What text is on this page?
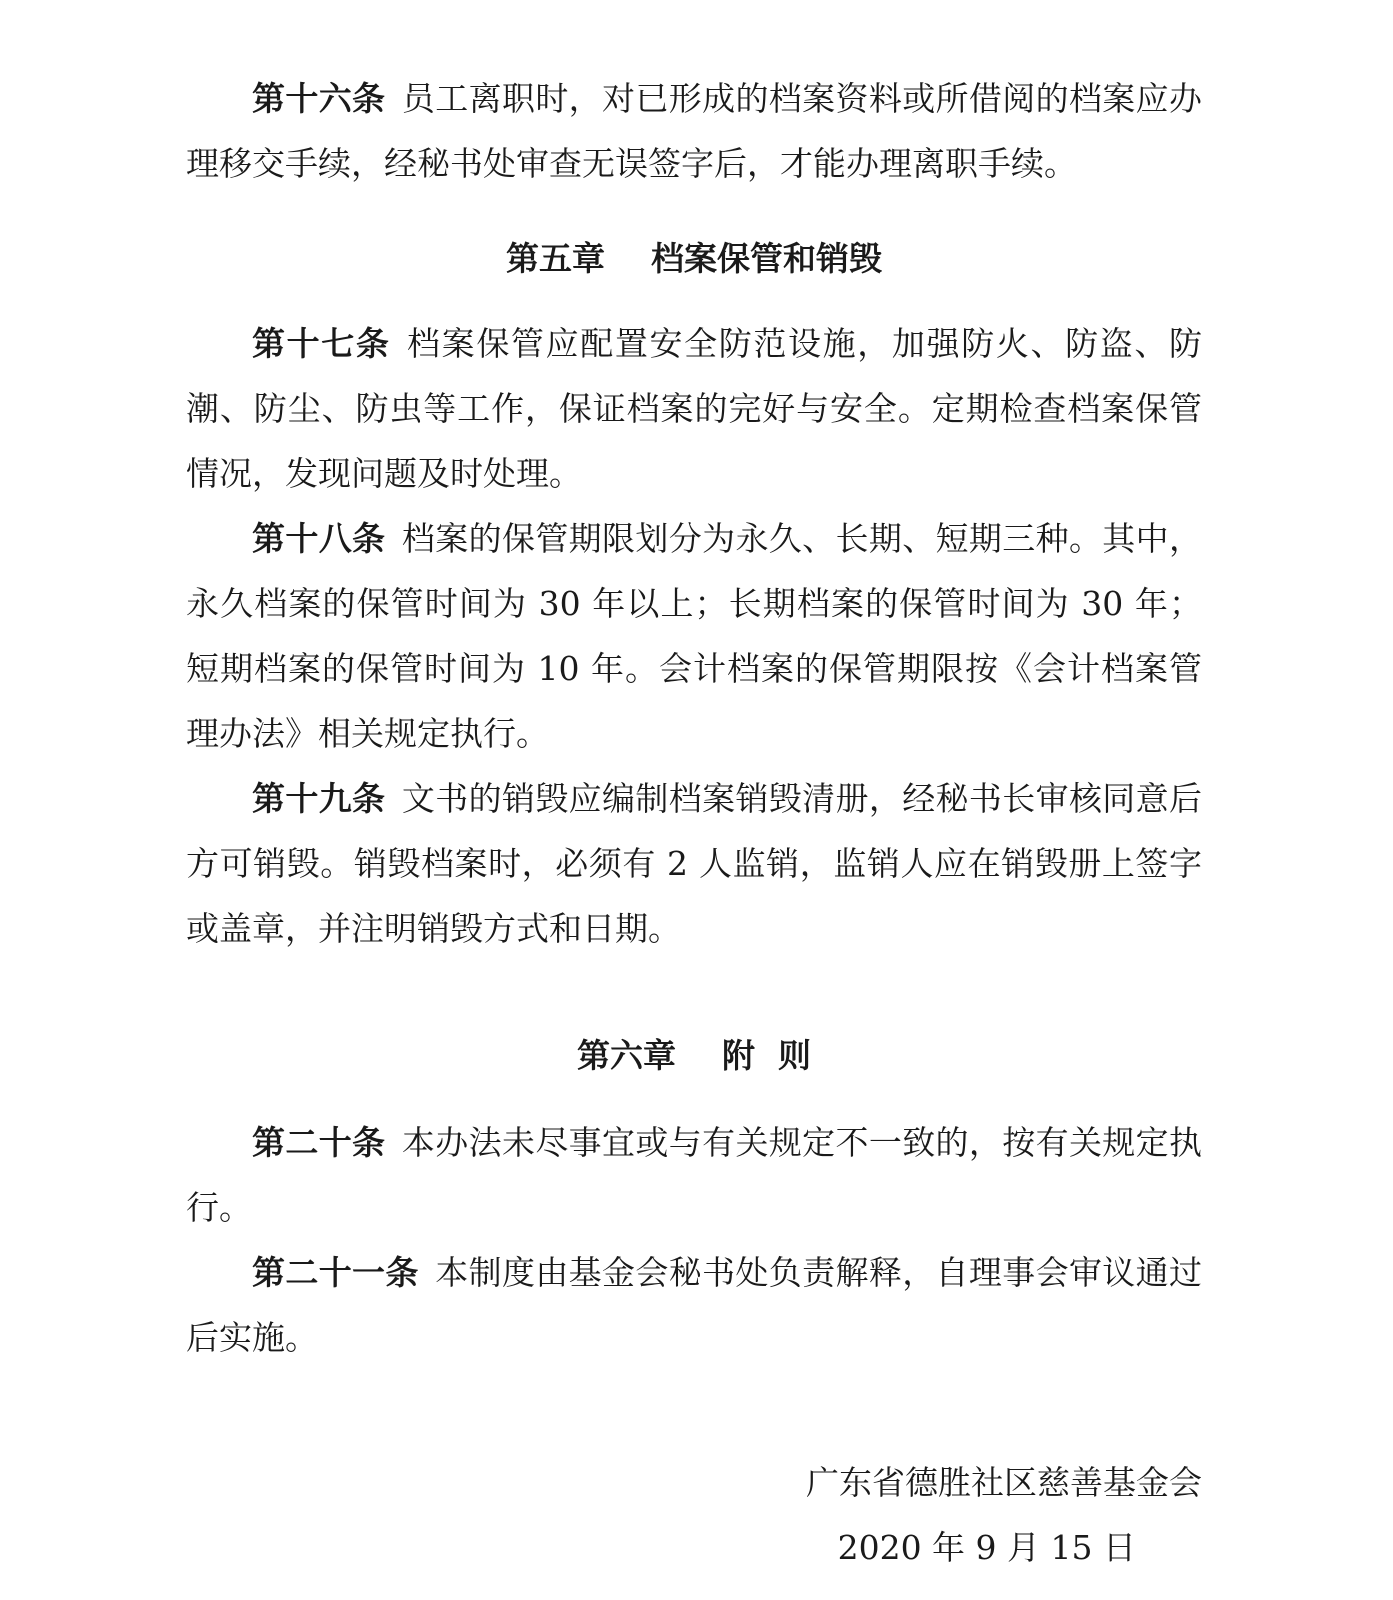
第十六条 员工离职时，对已形成的档案资料或所借阅的档案应办理移交手续，经秘书处审查无误签字后，才能办理离职手续。

第五章    档案保管和销毁

第十七条 档案保管应配置安全防范设施，加强防火、防盗、防潮、防尘、防虫等工作，保证档案的完好与安全。定期检查档案保管情况，发现问题及时处理。

第十八条 档案的保管期限划分为永久、长期、短期三种。其中，永久档案的保管时间为 30 年以上；长期档案的保管时间为 30 年；短期档案的保管时间为 10 年。会计档案的保管期限按《会计档案管理办法》相关规定执行。

第十九条 文书的销毁应编制档案销毁清册，经秘书长审核同意后方可销毁。销毁档案时，必须有 2 人监销，监销人应在销毁册上签字或盖章，并注明销毁方式和日期。

第六章    附  则

第二十条 本办法未尽事宜或与有关规定不一致的，按有关规定执行。

第二十一条 本制度由基金会秘书处负责解释，自理事会审议通过后实施。

广东省德胜社区慈善基金会

2020 年 9 月 15 日
